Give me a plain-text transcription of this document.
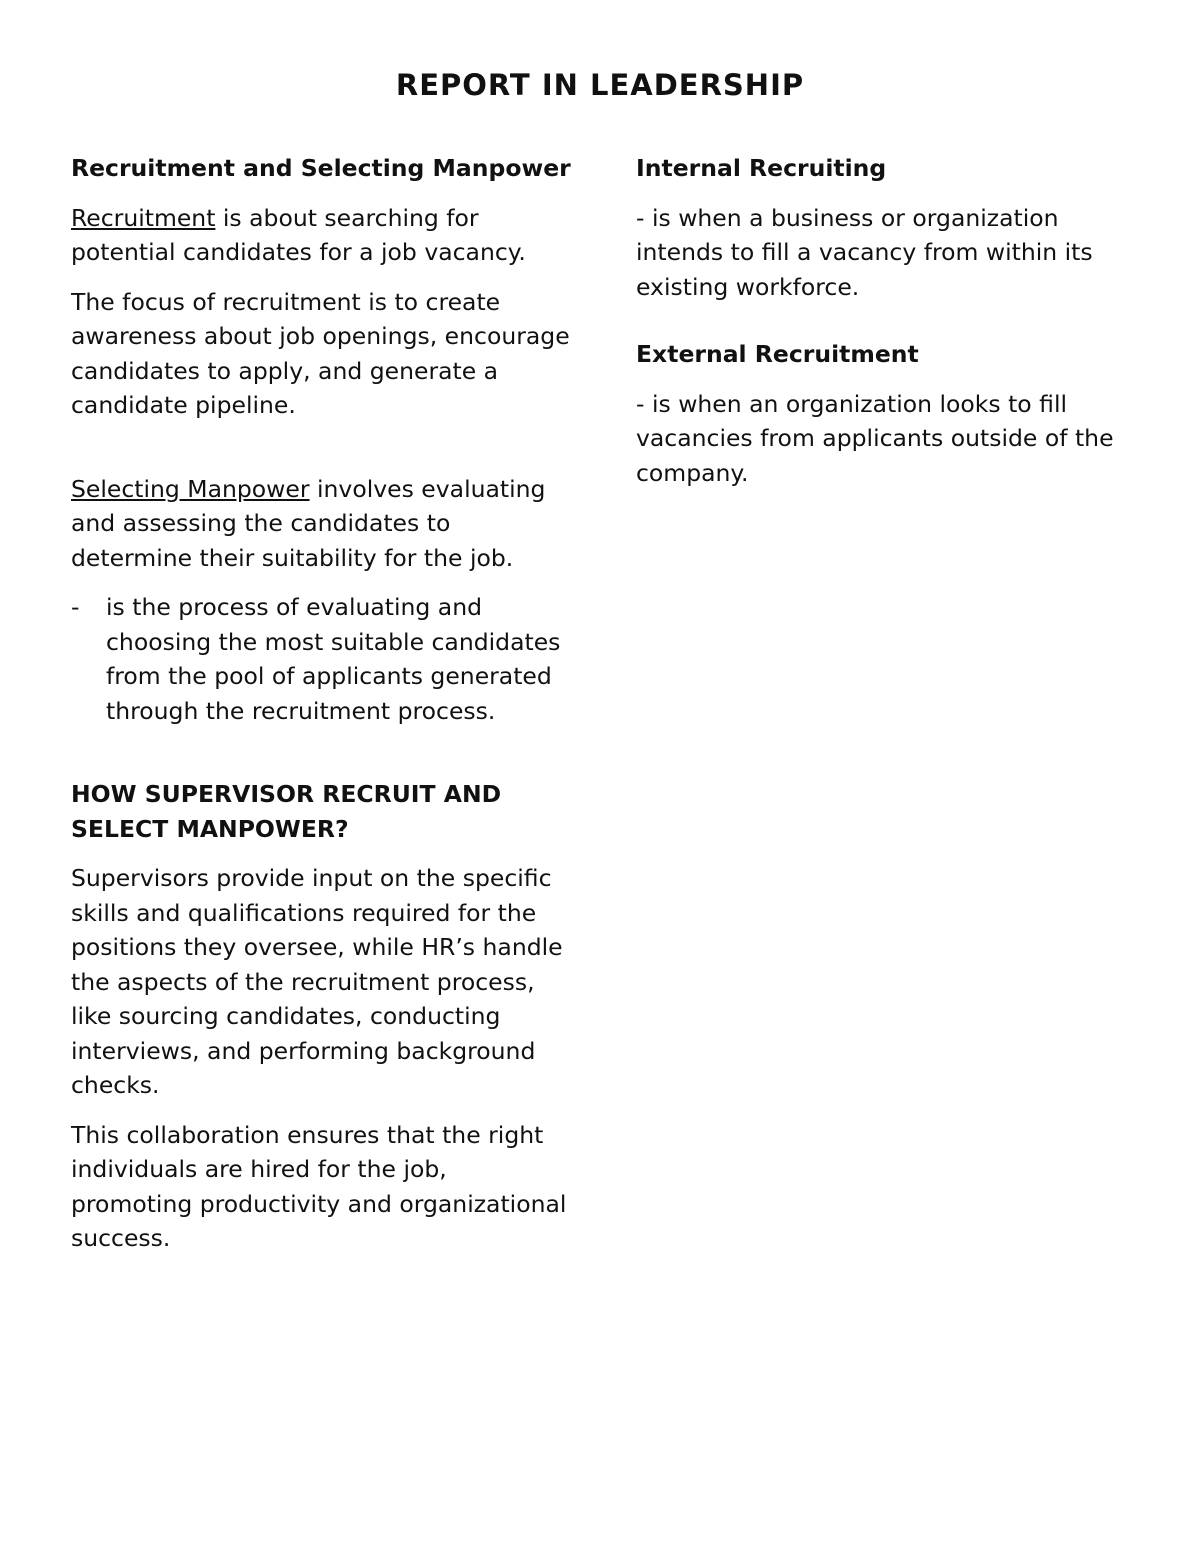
REPORT IN LEADERSHIP
Recruitment and Selecting Manpower

Recruitment is about searching for potential candidates for a job vacancy.

The focus of recruitment is to create awareness about job openings, encourage candidates to apply, and generate a candidate pipeline.

Selecting Manpower involves evaluating and assessing the candidates to determine their suitability for the job.

-	is the process of evaluating and choosing the most suitable candidates from the pool of applicants generated through the recruitment process.
HOW SUPERVISOR RECRUIT AND SELECT MANPOWER?

Supervisors provide input on the specific skills and qualifications required for the positions they oversee, while HR’s handle the aspects of the recruitment process, like sourcing candidates, conducting interviews, and performing background checks.

This collaboration ensures that the right individuals are hired for the job, promoting productivity and organizational success.

Internal Recruiting

- is when a business or organization intends to fill a vacancy from within its existing workforce.

External Recruitment

- is when an organization looks to fill vacancies from applicants outside of the company.
